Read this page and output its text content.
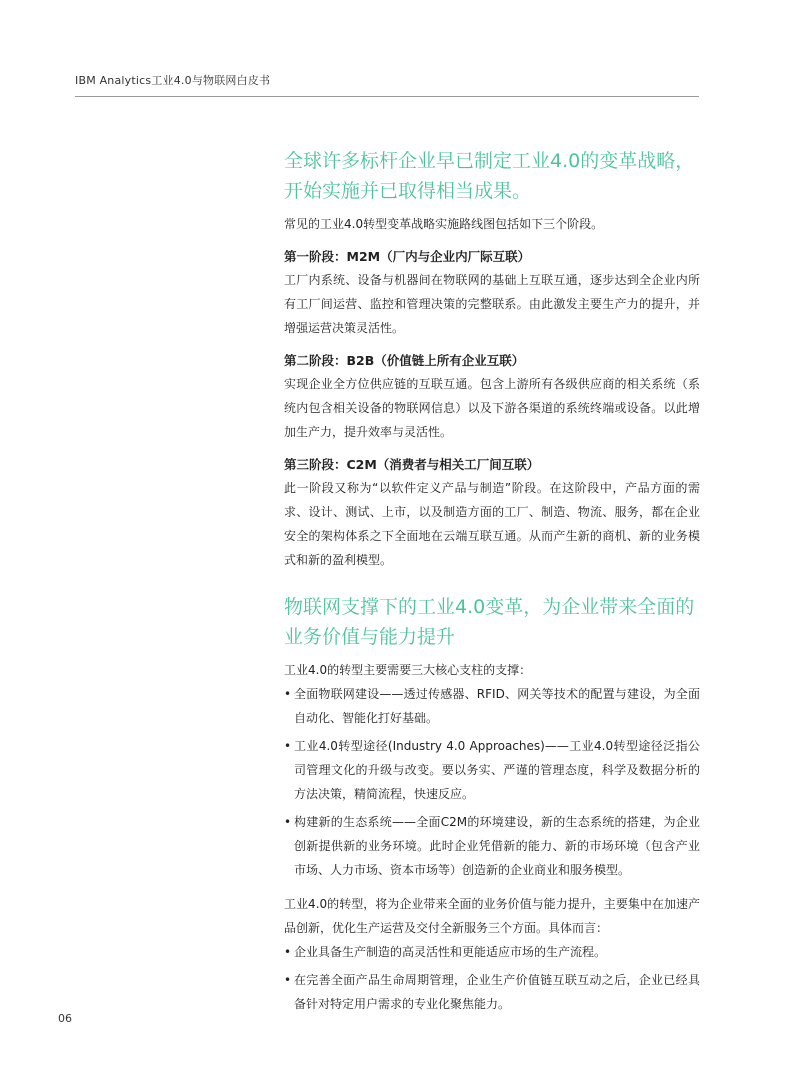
IBM Analytics工业4.0与物联网白皮书
全球许多标杆企业早已制定工业4.0的变革战略，
开始实施并已取得相当成果。

常见的工业4.0转型变革战略实施路线图包括如下三个阶段。

第一阶段：M2M（厂内与企业内厂际互联）

工厂内系统、设备与机器间在物联网的基础上互联互通，逐步达到全企业内所有工厂间运营、监控和管理决策的完整联系。由此激发主要生产力的提升，并增强运营决策灵活性。

第二阶段：B2B（价值链上所有企业互联）

实现企业全方位供应链的互联互通。包含上游所有各级供应商的相关系统（系统内包含相关设备的物联网信息）以及下游各渠道的系统终端或设备。以此增加生产力，提升效率与灵活性。

第三阶段：C2M（消费者与相关工厂间互联）

此一阶段又称为“以软件定义产品与制造”阶段。在这阶段中，产品方面的需求、设计、测试、上市，以及制造方面的工厂、制造、物流、服务，都在企业安全的架构体系之下全面地在云端互联互通。从而产生新的商机、新的业务模式和新的盈利模型。

物联网支撑下的工业4.0变革，为企业带来全面的
业务价值与能力提升

工业4.0的转型主要需要三大核心支柱的支撑：

• 全面物联网建设——透过传感器、RFID、网关等技术的配置与建设，为全面自动化、智能化打好基础。
• 工业4.0转型途径(Industry 4.0 Approaches)——工业4.0转型途径泛指公司管理文化的升级与改变。要以务实、严谨的管理态度，科学及数据分析的方法决策，精简流程，快速反应。
• 构建新的生态系统——全面C2M的环境建设，新的生态系统的搭建，为企业创新提供新的业务环境。此时企业凭借新的能力、新的市场环境（包含产业市场、人力市场、资本市场等）创造新的企业商业和服务模型。

工业4.0的转型，将为企业带来全面的业务价值与能力提升，主要集中在加速产品创新，优化生产运营及交付全新服务三个方面。具体而言：

• 企业具备生产制造的高灵活性和更能适应市场的生产流程。
• 在完善全面产品生命周期管理，企业生产价值链互联互动之后，企业已经具备针对特定用户需求的专业化聚焦能力。
06
